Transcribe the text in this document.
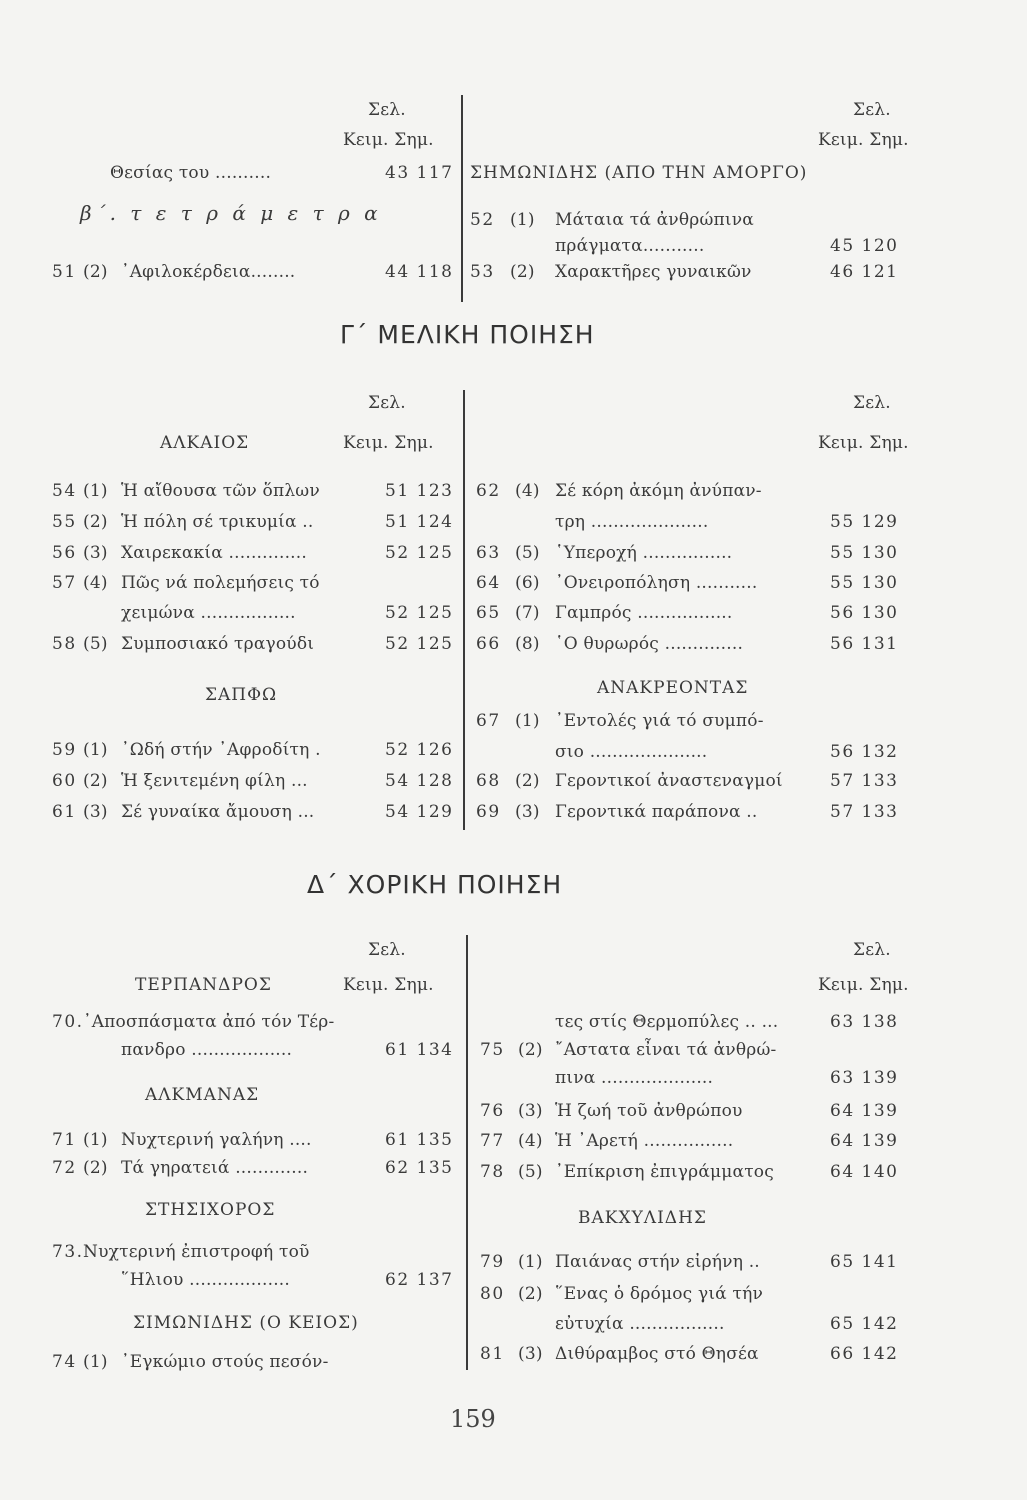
Σελ.
Κειμ. Σημ.
Σελ.
Κειμ. Σημ.
Θεσίας του ..........	43 117
β΄. τ ε τ ρ ά μ ε τ ρ α
51 (2) ᾿Αφιλοκέρδεια........	44 118
ΣΗΜΩΝΙΔΗΣ (ΑΠΟ ΤΗΝ ΑΜΟΡΓΟ)
52 (1) Μάταια τά ἀνθρώπινα
πράγματα...........	45 120
53 (2) Χαρακτῆρες γυναικῶν	46 121
Γ΄ ΜΕΛΙΚΗ ΠΟΙΗΣΗ
Σελ.
Κειμ. Σημ.
Σελ.
Κειμ. Σημ.
ΑΛΚΑΙΟΣ
ΣΑΠΦΩ	ΑΝΑΚΡΕΟΝΤΑΣ
54 (1) Ἡ αἴθουσα τῶν ὅπλων	51 123
55 (2) Ἡ πόλη σέ τρικυμία ..	51 124
56 (3) Χαιρεκακία ..............	52 125
57 (4) Πῶς νά πολεμήσεις τό
χειμώνα .................	52 125
58 (5) Συμποσιακό τραγούδι	52 125
59 (1) ᾿Ωδή στήν ᾿Αφροδίτη .	52 126
60 (2) Ἡ ξενιτεμένη φίλη ...	54 128
61 (3) Σέ γυναίκα ἄμουση ...	54 129
62 (4) Σέ κόρη ἀκόμη ἀνύπαν-
τρη .....................	55 129
63 (5) ῾Υπεροχή ................	55 130
64 (6) ᾿Ονειροπόληση ...........	55 130
65 (7) Γαμπρός .................	56 130
66 (8) ῾Ο θυρωρός ..............	56 131
67 (1) ᾿Εντολές γιά τό συμπό-
σιο .....................	56 132
68 (2) Γεροντικοί ἀναστεναγμοί	57 133
69 (3) Γεροντικά παράπονα ..	57 133
Δ΄ ΧΟΡΙΚΗ ΠΟΙΗΣΗ
Σελ.
Κειμ. Σημ.
Σελ.
Κειμ. Σημ.
ΤΕΡΠΑΝΔΡΟΣ
ΑΛΚΜΑΝΑΣ
ΣΤΗΣΙΧΟΡΟΣ
ΣΙΜΩΝΙΔΗΣ (Ο ΚΕΙΟΣ)
ΒΑΚΧΥΛΙΔΗΣ
70. ᾿Αποσπάσματα ἀπό τόν Τέρ-
πανδρο ..................	61 134
71 (1) Νυχτερινή γαλήνη ....	61 135
72 (2) Τά γηρατειά .............	62 135
73. Νυχτερινή ἐπιστροφή τοῦ
῞Ηλιου ..................	62 137
74 (1) ᾿Εγκώμιο στούς πεσόν-
τες στίς Θερμοπύλες .. ...	63 138
75 (2) ῎Αστατα εἶναι τά ἀνθρώ-
πινα ....................	63 139
76 (3) Ἡ ζωή τοῦ ἀνθρώπου	64 139
77 (4) Ἡ ᾿Αρετή ................	64 139
78 (5) ᾿Επίκριση ἐπιγράμματος	64 140
79 (1) Παιάνας στήν εἰρήνη ..	65 141
80 (2) ῞Ενας ὁ δρόμος γιά τήν
εὐτυχία .................	65 142
81 (3) Διθύραμβος στό Θησέα	66 142
159
